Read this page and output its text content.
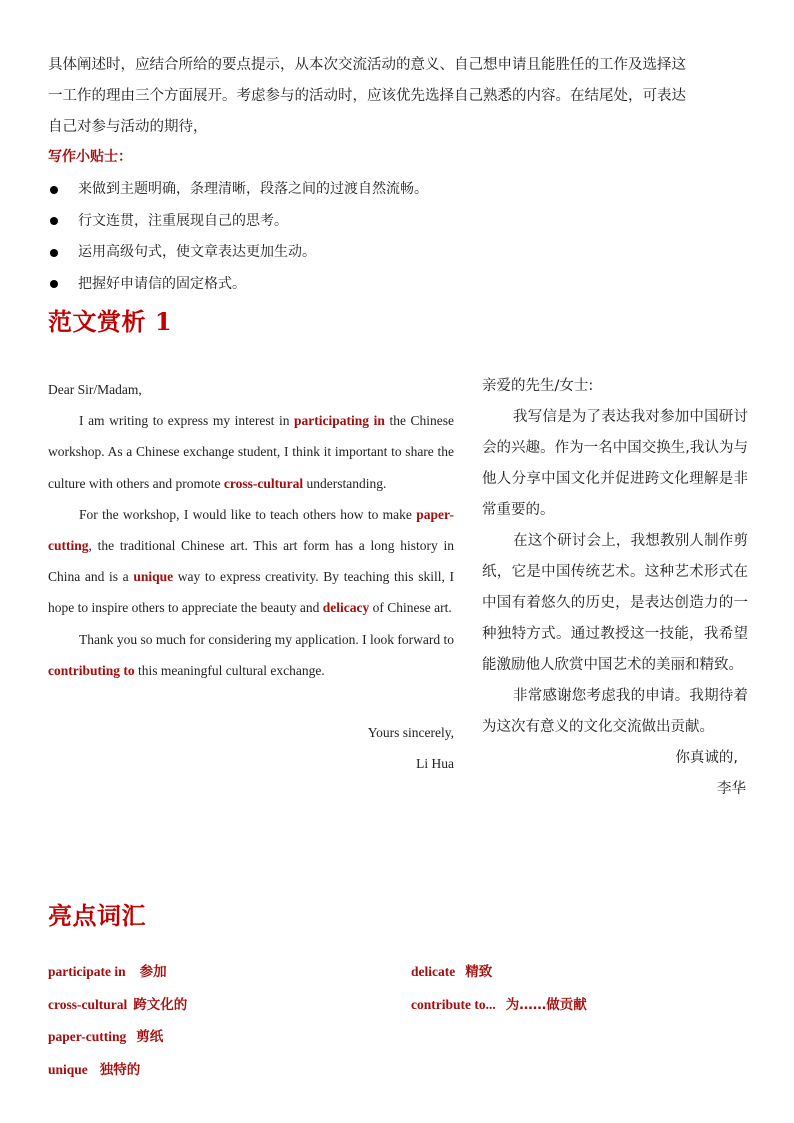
具体阐述时，应结合所给的要点提示，从本次交流活动的意义、自己想申请且能胜任的工作及选择这
一工作的理由三个方面展开。考虑参与的活动时，应该优先选择自己熟悉的内容。在结尾处，可表达
自己对参与活动的期待，
写作小贴士：
来做到主题明确，条理清晰，段落之间的过渡自然流畅。
行文连贯，注重展现自己的思考。
运用高级句式，使文章表达更加生动。
把握好申请信的固定格式。
范文赏析 1

Dear Sir/Madam,

I am writing to express my interest in participating in the Chinese workshop. As a Chinese exchange student, I think it important to share the culture with others and promote cross-cultural understanding.

For the workshop, I would like to teach others how to make paper-cutting, the traditional Chinese art. This art form has a long history in China and is a unique way to express creativity. By teaching this skill, I hope to inspire others to appreciate the beauty and delicacy of Chinese art.

Thank you so much for considering my application. I look forward to contributing to this meaningful cultural exchange.

Yours sincerely,

Li Hua

亲爱的先生/女士:

我写信是为了表达我对参加中国研讨会的兴趣。作为一名中国交换生,我认为与他人分享中国文化并促进跨文化理解是非常重要的。

在这个研讨会上，我想教别人制作剪纸，它是中国传统艺术。这种艺术形式在中国有着悠久的历史，是表达创造力的一种独特方式。通过教授这一技能，我希望能激励他人欣赏中国艺术的美丽和精致。

非常感谢您考虑我的申请。我期待着为这次有意义的文化交流做出贡献。

你真诚的,

李华

亮点词汇
participate in 参加
cross-cultural 跨文化的
paper-cutting 剪纸
unique 独特的
delicate 精致
contribute to... 为……做贡献
